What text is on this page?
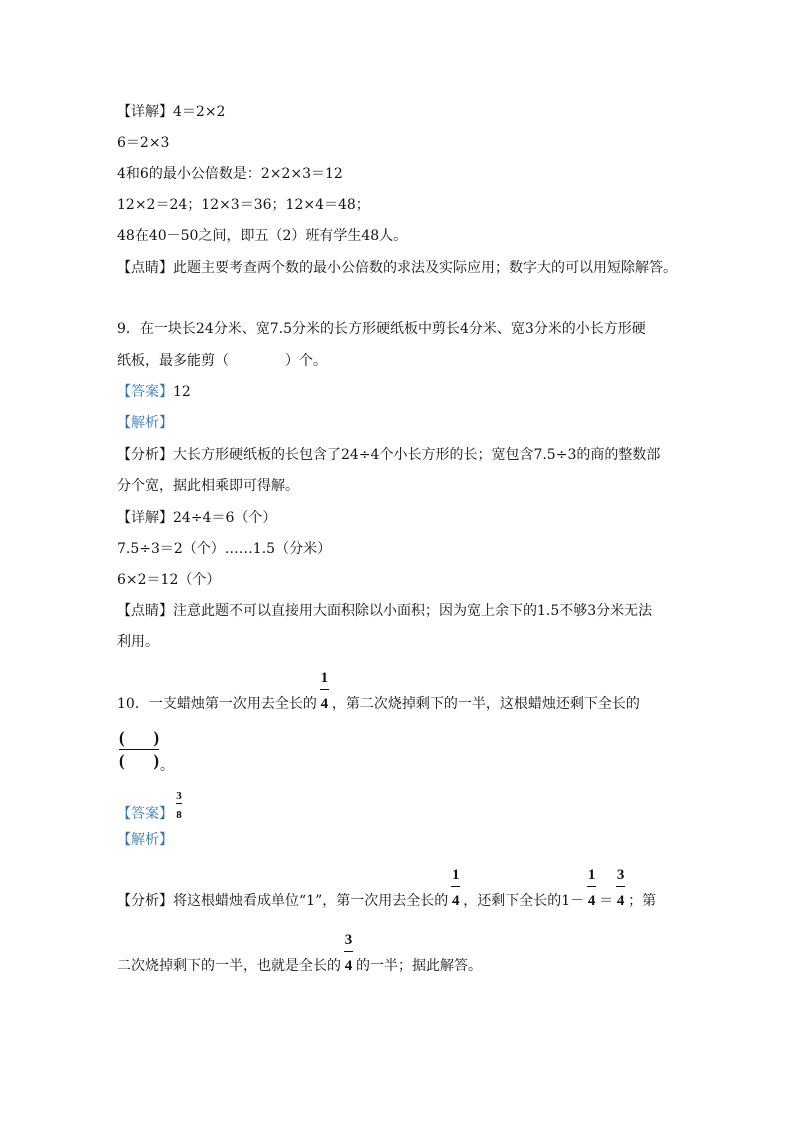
【详解】4＝2×2
6＝2×3
4和6的最小公倍数是：2×2×3＝12
12×2＝24；12×3＝36；12×4＝48；
48在40－50之间，即五（2）班有学生48人。
【点睛】此题主要考查两个数的最小公倍数的求法及实际应用；数字大的可以用短除解答。
9．在一块长24分米、宽7.5分米的长方形硬纸板中剪长4分米、宽3分米的小长方形硬
纸板，最多能剪（　　　　）个。
【答案】12
【解析】
【分析】大长方形硬纸板的长包含了24÷4个小长方形的长；宽包含7.5÷3的商的整数部
分个宽，据此相乘即可得解。
【详解】24÷4＝6（个）
7.5÷3＝2（个）……1.5（分米）
6×2＝12（个）
【点睛】注意此题不可以直接用大面积除以小面积；因为宽上余下的1.5不够3分米无法
利用。
10．一支蜡烛第一次用去全长的 $\frac{1}{4}$ ，第二次烧掉剩下的一半，这根蜡烛还剩下全长的
( )
( ) 。
【答案】 $\frac{3}{8}$
【解析】
【分析】将这根蜡烛看成单位“1”，第一次用去全长的 $\frac{1}{4}$ ，还剩下全长的$1- \frac{1}{4} = \frac{3}{4}$ ；第
二次烧掉剩下的一半，也就是全长的 $\frac{3}{4}$ 的一半；据此解答。
